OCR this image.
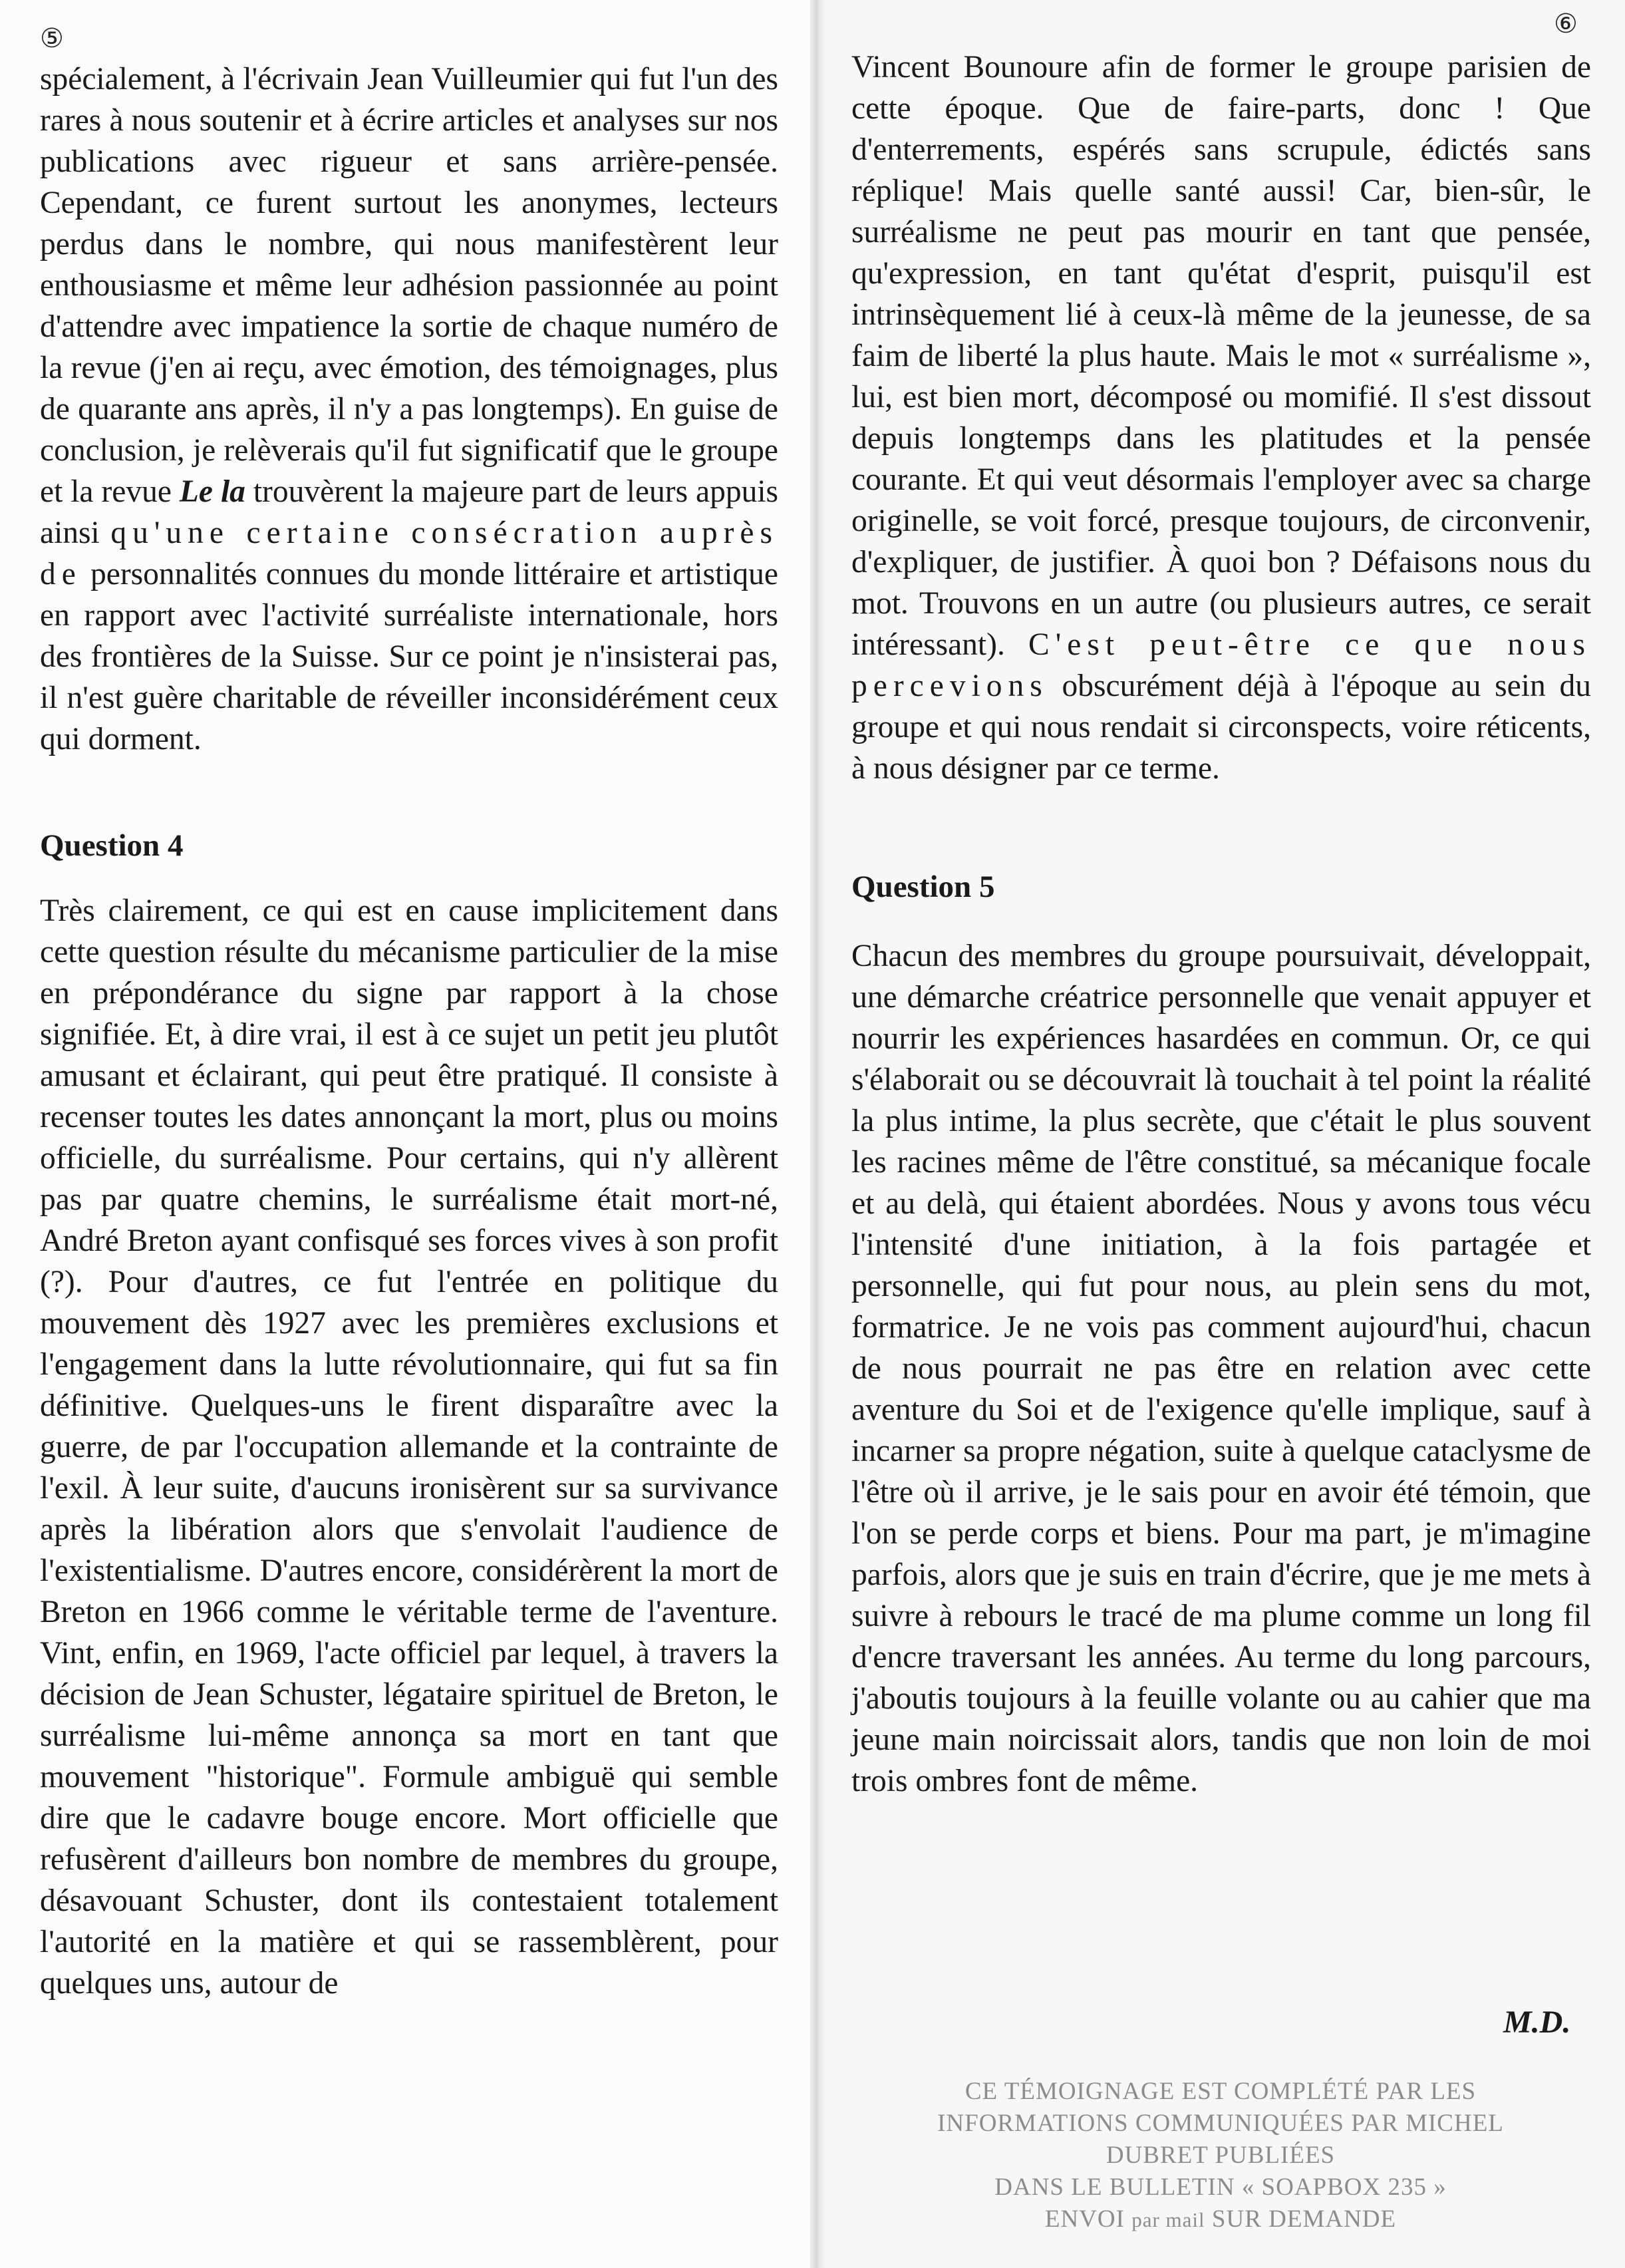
⑤	⑥

spécialement, à l'écrivain Jean Vuilleumier qui fut l'un des rares à nous soutenir et à écrire articles et analyses sur nos publications avec rigueur et sans arrière-pensée. Cependant, ce furent surtout les anonymes, lecteurs perdus dans le nombre, qui nous manifestèrent leur enthousiasme et même leur adhésion passionnée au point d'attendre avec impatience la sortie de chaque numéro de la revue (j'en ai reçu, avec émotion, des témoignages, plus de quarante ans après, il n'y a pas longtemps). En guise de conclusion, je relèverais qu'il fut significatif que le groupe et la revue Le la trouvèrent la majeure part de leurs appuis ainsi qu'une certaine consécration auprès de personnalités connues du monde littéraire et artistique en rapport avec l'activité surréaliste internationale, hors des frontières de la Suisse. Sur ce point je n'insisterai pas, il n'est guère charitable de réveiller inconsidérément ceux qui dorment.

Question 4

Très clairement, ce qui est en cause implicitement dans cette question résulte du mécanisme particulier de la mise en prépondérance du signe par rapport à la chose signifiée. Et, à dire vrai, il est à ce sujet un petit jeu plutôt amusant et éclairant, qui peut être pratiqué. Il consiste à recenser toutes les dates annonçant la mort, plus ou moins officielle, du surréalisme. Pour certains, qui n'y allèrent pas par quatre chemins, le surréalisme était mort-né, André Breton ayant confisqué ses forces vives à son profit (?). Pour d'autres, ce fut l'entrée en politique du mouvement dès 1927 avec les premières exclusions et l'engagement dans la lutte révolutionnaire, qui fut sa fin définitive. Quelques-uns le firent disparaître avec la guerre, de par l'occupation allemande et la contrainte de l'exil. À leur suite, d'aucuns ironisèrent sur sa survivance après la libération alors que s'envolait l'audience de l'existentialisme. D'autres encore, considérèrent la mort de Breton en 1966 comme le véritable terme de l'aventure. Vint, enfin, en 1969, l'acte officiel par lequel, à travers la décision de Jean Schuster, légataire spirituel de Breton, le surréalisme lui-même annonça sa mort en tant que mouvement "historique". Formule ambiguë qui semble dire que le cadavre bouge encore. Mort officielle que refusèrent d'ailleurs bon nombre de membres du groupe, désavouant Schuster, dont ils contestaient totalement l'autorité en la matière et qui se rassemblèrent, pour quelques uns, autour de

Vincent Bounoure afin de former le groupe parisien de cette époque. Que de faire-parts, donc ! Que d'enterrements, espérés sans scrupule, édictés sans réplique! Mais quelle santé aussi! Car, bien-sûr, le surréalisme ne peut pas mourir en tant que pensée, qu'expression, en tant qu'état d'esprit, puisqu'il est intrinsèquement lié à ceux-là même de la jeunesse, de sa faim de liberté la plus haute. Mais le mot « surréalisme », lui, est bien mort, décomposé ou momifié. Il s'est dissout depuis longtemps dans les platitudes et la pensée courante. Et qui veut désormais l'employer avec sa charge originelle, se voit forcé, presque toujours, de circonvenir, d'expliquer, de justifier. À quoi bon ? Défaisons nous du mot. Trouvons en un autre (ou plusieurs autres, ce serait intéressant). C'est peut-être ce que nous percevions obscurément déjà à l'époque au sein du groupe et qui nous rendait si circonspects, voire réticents, à nous désigner par ce terme.

Question 5

Chacun des membres du groupe poursuivait, développait, une démarche créatrice personnelle que venait appuyer et nourrir les expériences hasardées en commun. Or, ce qui s'élaborait ou se découvrait là touchait à tel point la réalité la plus intime, la plus secrète, que c'était le plus souvent les racines même de l'être constitué, sa mécanique focale et au delà, qui étaient abordées. Nous y avons tous vécu l'intensité d'une initiation, à la fois partagée et personnelle, qui fut pour nous, au plein sens du mot, formatrice. Je ne vois pas comment aujourd'hui, chacun de nous pourrait ne pas être en relation avec cette aventure du Soi et de l'exigence qu'elle implique, sauf à incarner sa propre négation, suite à quelque cataclysme de l'être où il arrive, je le sais pour en avoir été témoin, que l'on se perde corps et biens. Pour ma part, je m'imagine parfois, alors que je suis en train d'écrire, que je me mets à suivre à rebours le tracé de ma plume comme un long fil d'encre traversant les années. Au terme du long parcours, j'aboutis toujours à la feuille volante ou au cahier que ma jeune main noircissait alors, tandis que non loin de moi trois ombres font de même.

M.D.
CE TÉMOIGNAGE EST COMPLÉTÉ PAR LES
INFORMATIONS COMMUNIQUÉES PAR MICHEL
DUBRET PUBLIÉES
DANS LE BULLETIN « SOAPBOX 235 »
ENVOI par mail SUR DEMANDE
